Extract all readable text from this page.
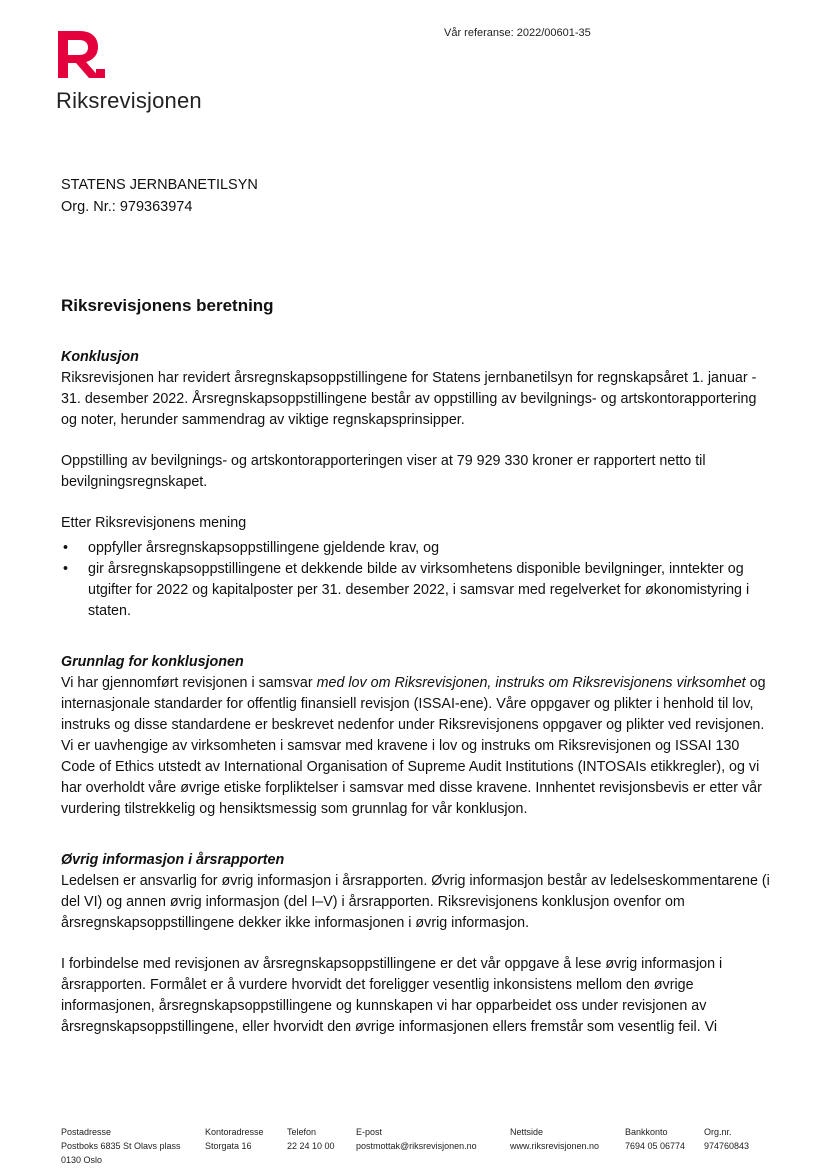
Riksrevisjonen
Vår referanse: 2022/00601-35
STATENS JERNBANETILSYN
Org. Nr.: 979363974
Riksrevisjonens beretning
Konklusjon

Riksrevisjonen har revidert årsregnskapsoppstillingene for Statens jernbanetilsyn for regnskapsåret 1. januar - 31. desember 2022. Årsregnskapsoppstillingene består av oppstilling av bevilgnings- og artskontorapportering og noter, herunder sammendrag av viktige regnskapsprinsipper.

Oppstilling av bevilgnings- og artskontorapporteringen viser at 79 929 330 kroner er rapportert netto til bevilgningsregnskapet.

Etter Riksrevisjonens mening

• oppfyller årsregnskapsoppstillingene gjeldende krav, og
• gir årsregnskapsoppstillingene et dekkende bilde av virksomhetens disponible bevilgninger, inntekter og utgifter for 2022 og kapitalposter per 31. desember 2022, i samsvar med regelverket for økonomistyring i staten.
Grunnlag for konklusjonen

Vi har gjennomført revisjonen i samsvar med lov om Riksrevisjonen, instruks om Riksrevisjonens virksomhet og internasjonale standarder for offentlig finansiell revisjon (ISSAI-ene). Våre oppgaver og plikter i henhold til lov, instruks og disse standardene er beskrevet nedenfor under Riksrevisjonens oppgaver og plikter ved revisjonen. Vi er uavhengige av virksomheten i samsvar med kravene i lov og instruks om Riksrevisjonen og ISSAI 130 Code of Ethics utstedt av International Organisation of Supreme Audit Institutions (INTOSAIs etikkregler), og vi har overholdt våre øvrige etiske forpliktelser i samsvar med disse kravene. Innhentet revisjonsbevis er etter vår vurdering tilstrekkelig og hensiktsmessig som grunnlag for vår konklusjon.

Øvrig informasjon i årsrapporten

Ledelsen er ansvarlig for øvrig informasjon i årsrapporten. Øvrig informasjon består av ledelseskommentarene (i del VI) og annen øvrig informasjon (del I–V) i årsrapporten. Riksrevisjonens konklusjon ovenfor om årsregnskapsoppstillingene dekker ikke informasjonen i øvrig informasjon.

I forbindelse med revisjonen av årsregnskapsoppstillingene er det vår oppgave å lese øvrig informasjon i årsrapporten. Formålet er å vurdere hvorvidt det foreligger vesentlig inkonsistens mellom den øvrige informasjonen, årsregnskapsoppstillingene og kunnskapen vi har opparbeidet oss under revisjonen av årsregnskapsoppstillingene, eller hvorvidt den øvrige informasjonen ellers fremstår som vesentlig feil. Vi

Postadresse
Postboks 6835 St Olavs plass
0130 Oslo
Kontoradresse
Storgata 16
Telefon
22 24 10 00
E-post
postmottak@riksrevisjonen.no
Nettside
www.riksrevisjonen.no
Bankkonto
7694 05 06774
Org.nr.
974760843
